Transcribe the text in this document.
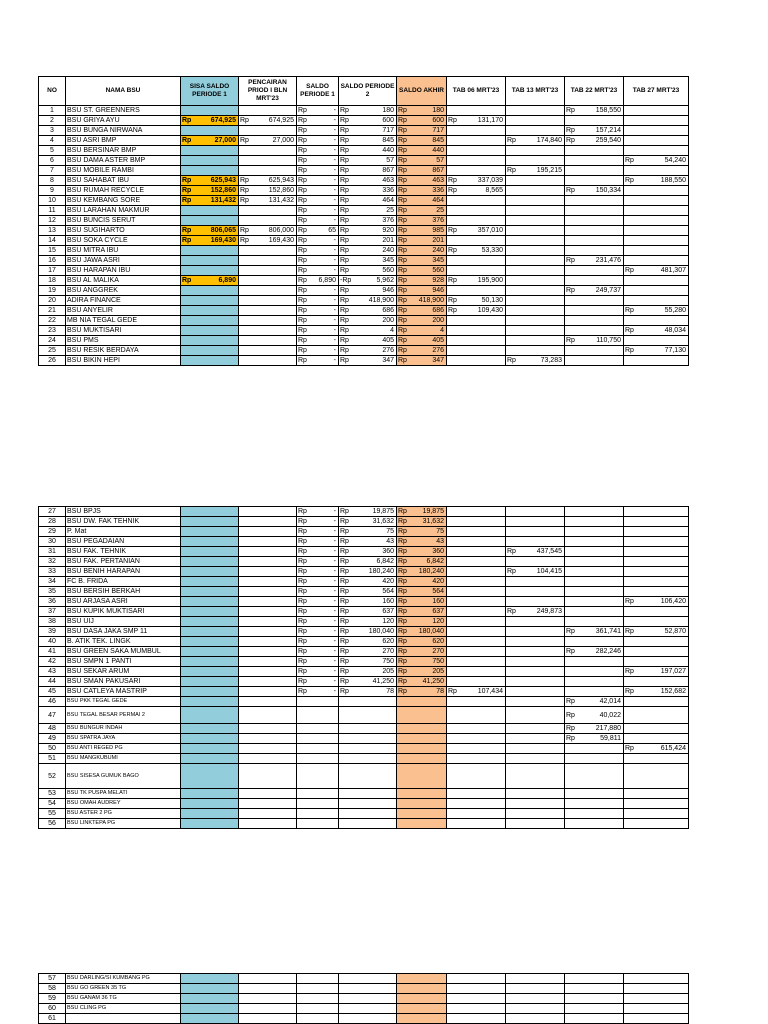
NO	NAMA BSU	SISA SALDO PERIODE 1	PENCAIRAN PRIOD I BLN MRT'23	SALDO PERIODE 1	SALDO PERIODE 2	SALDO AKHIR	TAB 06 MRT'23	TAB 13 MRT'23	TAB 22 MRT'23	TAB 27 MRT'23
1	BSU ST. GREENNERS			Rp -	Rp 180	Rp 180			Rp 158,550	

2	BSU GRIYA AYU	Rp 674,925	Rp 674,925	Rp -	Rp 600	Rp 600	Rp 131,170			

3	BSU BUNGA NIRWANA			Rp -	Rp 717	Rp 717			Rp 157,214	

4	BSU ASRI BMP	Rp 27,000	Rp 27,000	Rp -	Rp 845	Rp 845		Rp 174,840	Rp 259,540	

5	BSU BERSINAR BMP			Rp -	Rp 440	Rp 440				

6	BSU DAMA ASTER BMP			Rp -	Rp 57	Rp 57				Rp 54,240

7	BSU MOBILE RAMBI			Rp -	Rp 867	Rp 867		Rp 195,215		

8	BSU SAHABAT IBU	Rp 625,943	Rp 625,943	Rp -	Rp 463	Rp 463	Rp 337,039			Rp 188,550

9	BSU RUMAH RECYCLE	Rp 152,860	Rp 152,860	Rp -	Rp 336	Rp 336	Rp 8,565		Rp 150,334	

10	BSU KEMBANG SORE	Rp 131,432	Rp 131,432	Rp -	Rp 464	Rp 464				

11	BSU LARAHAN MAKMUR			Rp -	Rp 25	Rp 25				

12	BSU BUNCIS SERUT			Rp -	Rp 376	Rp 376				

13	BSU SUGIHARTO	Rp 806,065	Rp 806,000	Rp 65	Rp 920	Rp 985	Rp 357,010			

14	BSU SOKA CYCLE	Rp 169,430	Rp 169,430	Rp -	Rp 201	Rp 201				

15	BSU MITRA IBU			Rp -	Rp 240	Rp 240	Rp 53,330			

16	BSU JAWA ASRI			Rp -	Rp 345	Rp 345			Rp 231,476	

17	BSU HARAPAN IBU			Rp -	Rp 560	Rp 560				Rp 481,307

18	BSU AL MALIKA	Rp 6,890		Rp 6,890	-Rp 5,962	Rp 928	Rp 195,900			

19	BSU ANGGREK			Rp -	Rp 946	Rp 946			Rp 249,737	

20	ADIRA FINANCE			Rp -	Rp 418,900	Rp 418,900	Rp 50,130			

21	BSU ANYELIR			Rp -	Rp 686	Rp 686	Rp 109,430			Rp 55,280

22	MB NIA TEGAL GEDE			Rp -	Rp 200	Rp 200				

23	BSU MUKTISARI			Rp -	Rp 4	Rp 4				Rp 48,034

24	BSU PMS			Rp -	Rp 405	Rp 405			Rp 110,750	

25	BSU RESIK BERDAYA			Rp -	Rp 276	Rp 276				Rp 77,130

26	BSU BIKIN HEPI			Rp -	Rp 347	Rp 347		Rp 73,283		

27	BSU BPJS			Rp -	Rp 19,875	Rp 19,875				

28	BSU DW. FAK TEHNIK			Rp -	Rp 31,632	Rp 31,632				

29	P. Mat			Rp -	Rp 75	Rp 75				

30	BSU PEGADAIAN			Rp -	Rp 43	Rp 43				

31	BSU FAK. TEHNIK			Rp -	Rp 360	Rp 360		Rp 437,545		

32	BSU FAK. PERTANIAN			Rp -	Rp 6,842	Rp 6,842				

33	BSU BENIH HARAPAN			Rp -	Rp 180,240	Rp 180,240		Rp 104,415		

34	FC B. FRIDA			Rp -	Rp 420	Rp 420				

35	BSU BERSIH BERKAH			Rp -	Rp 564	Rp 564				

36	BSU ARJASA ASRI			Rp -	Rp 160	Rp 160				Rp 106,420

37	BSU KUPIK MUKTISARI			Rp -	Rp 637	Rp 637		Rp 249,873		

38	BSU UIJ			Rp -	Rp 120	Rp 120				

39	BSU DASA JAKA SMP 11			Rp -	Rp 180,040	Rp 180,040			Rp 361,741	Rp 52,870

40	B. ATIK TEK. LINGK			Rp -	Rp 620	Rp 620				

41	BSU GREEN SAKA MUMBUL			Rp -	Rp 270	Rp 270			Rp 282,246	

42	BSU SMPN 1 PANTI			Rp -	Rp 750	Rp 750				

43	BSU SEKAR ARUM			Rp -	Rp 205	Rp 205				Rp 197,027

44	BSU SMAN PAKUSARI			Rp -	Rp 41,250	Rp 41,250				

45	BSU CATLEYA MASTRIP			Rp -	Rp 78	Rp 78	Rp 107,434			Rp 152,682

46	BSU PKK TEGAL GEDE								Rp 42,014	

47	BSU TEGAL BESAR PERMAI 2								Rp 40,022	

48	BSU BUNGUR INDAH								Rp 217,880	

49	BSU SPATRA JAYA								Rp 59,811	

50	BSU ANTI REGED PG									Rp 615,424

51	BSU MANGKUBUMI									
52	BSU SISESA GUMUK BAGO									
53	BSU TK PUSPA MELATI									
54	BSU OMAH AUDREY									
55	BSU ASTER 2 PG									
56	BSU LINKTEPA PG									
57	BSU DARLING/SI KUMBANG PG									
58	BSU GO GREEN 35 TG									
59	BSU GANAM 36 TG									
60	BSU CLING PG									
61										
